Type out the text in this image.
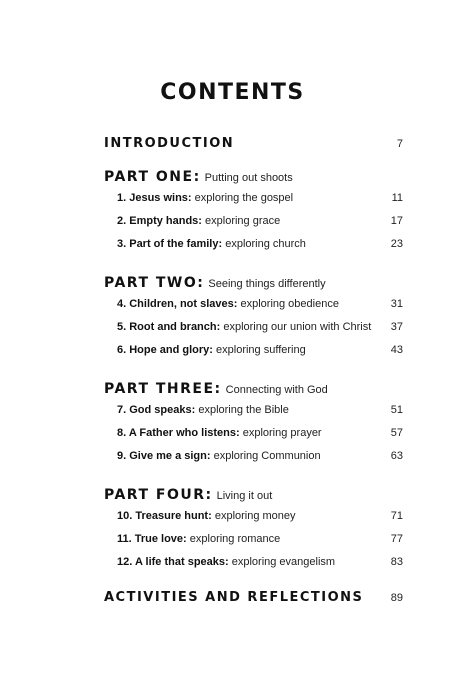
CONTENTS
INTRODUCTION	7
PART ONE: Putting out shoots
1. Jesus wins: exploring the gospel	11
2. Empty hands: exploring grace	17
3. Part of the family: exploring church	23
PART TWO: Seeing things differently
4. Children, not slaves: exploring obedience	31
5. Root and branch: exploring our union with Christ 37
6. Hope and glory: exploring suffering	43
PART THREE: Connecting with God
7. God speaks: exploring the Bible	51
8. A Father who listens: exploring prayer	57
9. Give me a sign: exploring Communion	63
PART FOUR: Living it out
10. Treasure hunt: exploring money	71
11. True love: exploring romance	77
12. A life that speaks: exploring evangelism	83
ACTIVITIES AND REFLECTIONS 89
